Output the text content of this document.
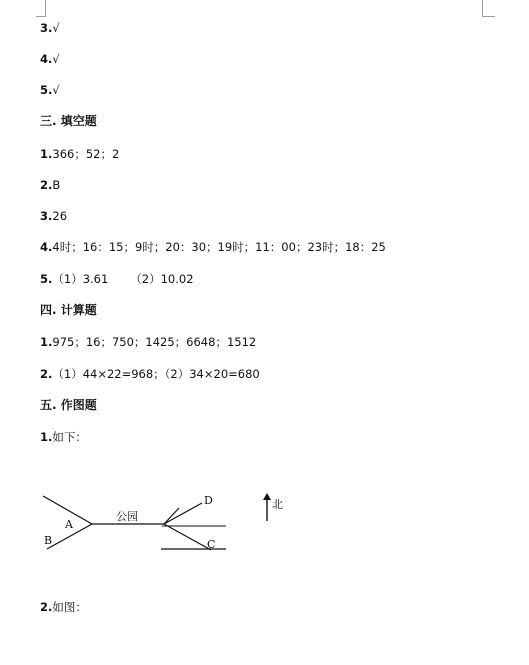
3.√
4.√
5.√
三. 填空题
1.366；52；2
2.B
3.26
4.4时；16：15；9时；20：30；19时；11：00；23时；18：25
5.（1）3.61 （2）10.02
四. 计算题
1.975；16；750；1425；6648；1512
2.（1）44×22=968；（2）34×20=680
五. 作图题
1.如下：
A
B
D
C
公园
北
2.如图：
